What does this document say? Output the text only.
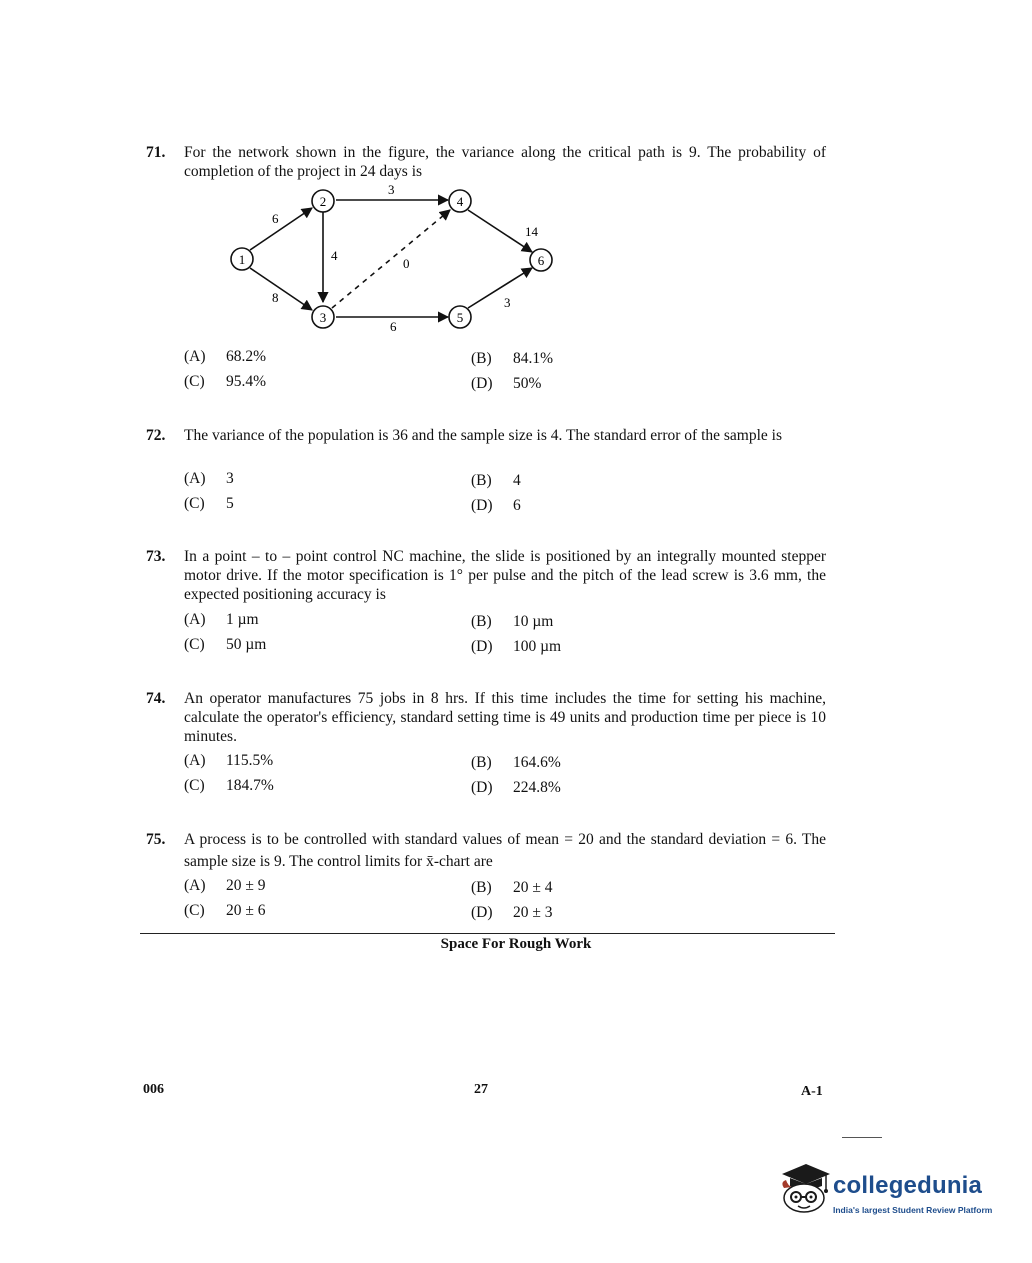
71. For the network shown in the figure, the variance along the critical path is 9. The probability of completion of the project in 24 days is
1
2
3
4
5
6
6
8
3
4
0
6
14
3
(A) 68.2%	(B) 84.1%
(C) 95.4%	(D) 50%
72. The variance of the population is 36 and the sample size is 4. The standard error of the sample is
(A) 3	(B) 4
(C) 5	(D) 6
73. In a point – to – point control NC machine, the slide is positioned by an integrally mounted stepper motor drive. If the motor specification is 1° per pulse and the pitch of the lead screw is 3.6 mm, the expected positioning accuracy is
(A) 1 µm	(B) 10 µm
(C) 50 µm	(D) 100 µm
74. An operator manufactures 75 jobs in 8 hrs. If this time includes the time for setting his machine, calculate the operator's efficiency, standard setting time is 49 units and production time per piece is 10 minutes.
(A) 115.5%	(B) 164.6%
(C) 184.7%	(D) 224.8%
75. A process is to be controlled with standard values of mean = 20 and the standard deviation = 6. The sample size is 9. The control limits for x̄-chart are
(A) 20 ± 9	(B) 20 ± 4
(C) 20 ± 6	(D) 20 ± 3
Space For Rough Work
006	27	A-1
collegedunia
India's largest Student Review Platform
